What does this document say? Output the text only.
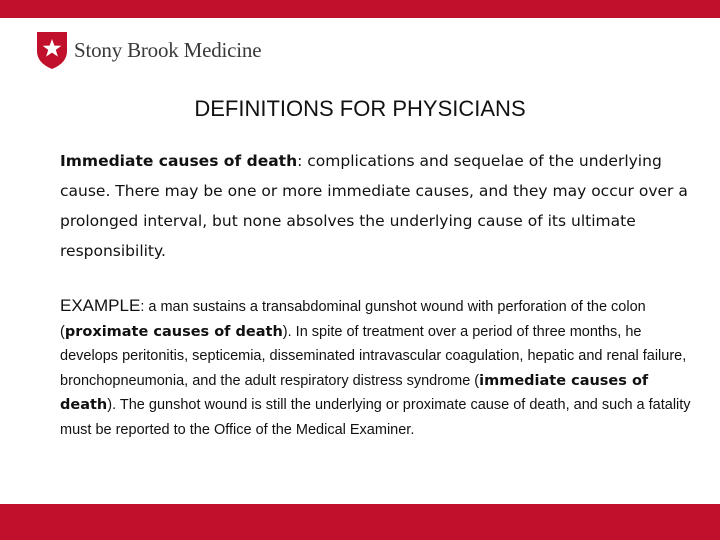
Stony Brook Medicine
DEFINITIONS FOR PHYSICIANS
Immediate causes of death: complications and sequelae of the underlying cause. There may be one or more immediate causes, and they may occur over a prolonged interval, but none absolves the underlying cause of its ultimate responsibility.
EXAMPLE: a man sustains a transabdominal gunshot wound with perforation of the colon (proximate causes of death). In spite of treatment over a period of three months, he develops peritonitis, septicemia, disseminated intravascular coagulation, hepatic and renal failure, bronchopneumonia, and the adult respiratory distress syndrome (immediate causes of death). The gunshot wound is still the underlying or proximate cause of death, and such a fatality must be reported to the Office of the Medical Examiner.
